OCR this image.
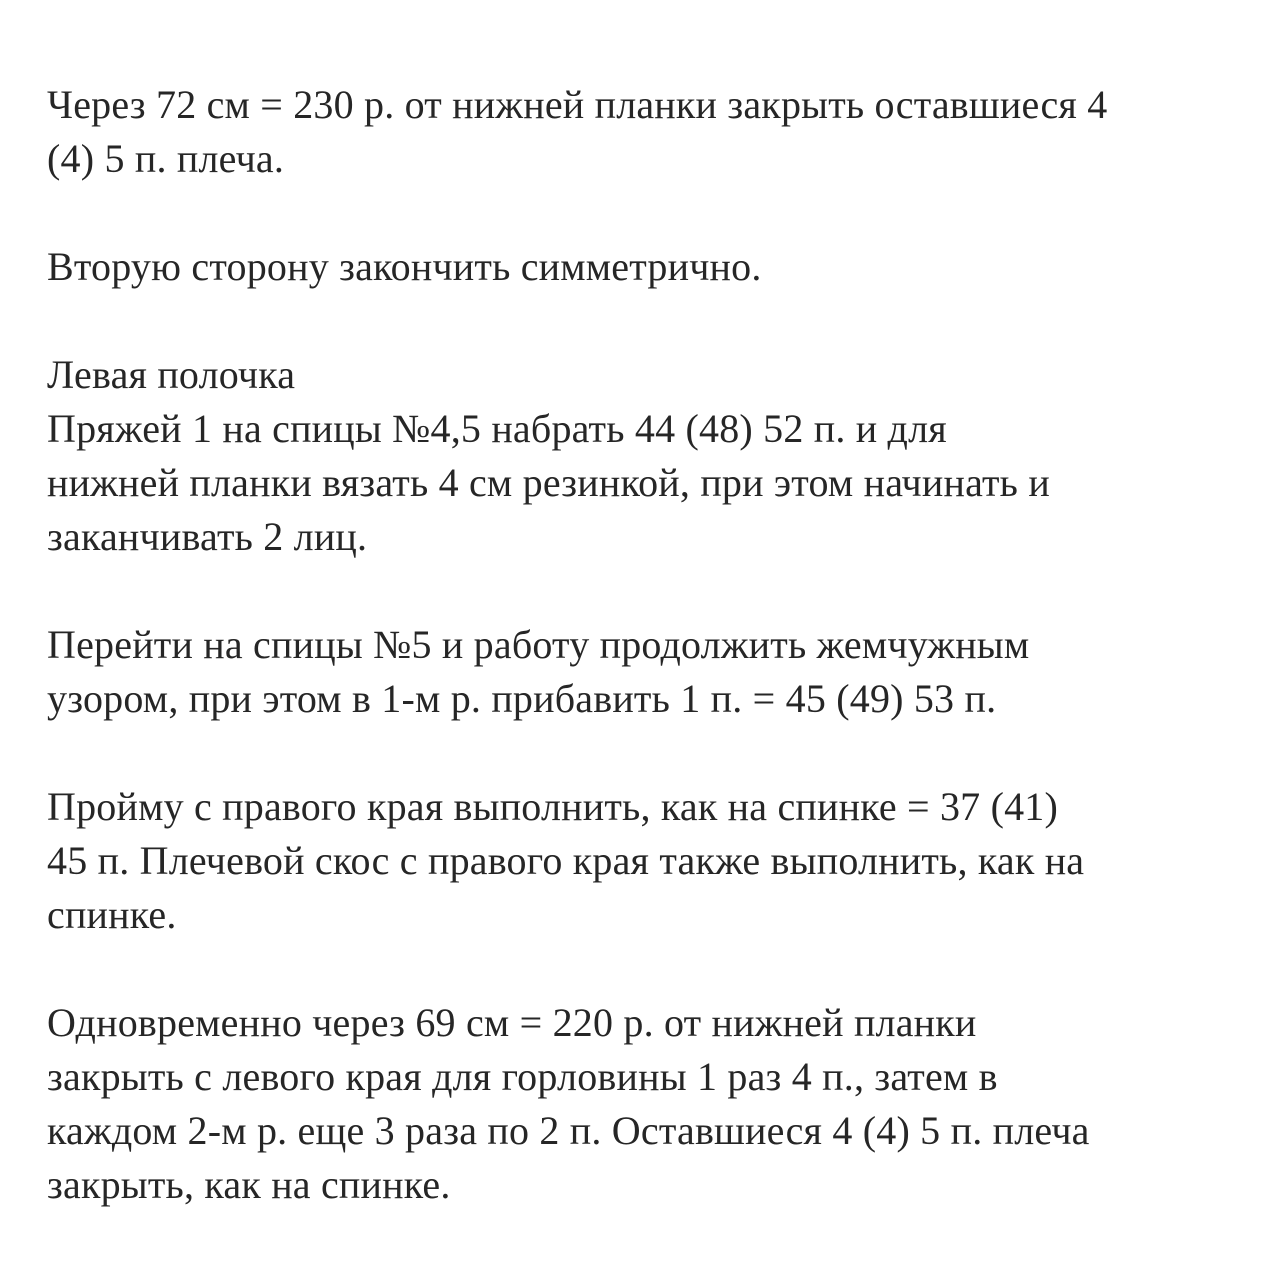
Через 72 см = 230 р. от нижней планки закрыть оставшиеся 4
(4) 5 п. плеча.
Вторую сторону закончить симметрично.
Левая полочка
Пряжей 1 на спицы №4,5 набрать 44 (48) 52 п. и для
нижней планки вязать 4 см резинкой, при этом начинать и
заканчивать 2 лиц.
Перейти на спицы №5 и работу продолжить жемчужным
узором, при этом в 1-м р. прибавить 1 п. = 45 (49) 53 п.
Пройму с правого края выполнить, как на спинке = 37 (41)
45 п. Плечевой скос с правого края также выполнить, как на
спинке.
Одновременно через 69 см = 220 р. от нижней планки
закрыть с левого края для горловины 1 раз 4 п., затем в
каждом 2-м р. еще 3 раза по 2 п. Оставшиеся 4 (4) 5 п. плеча
закрыть, как на спинке.
